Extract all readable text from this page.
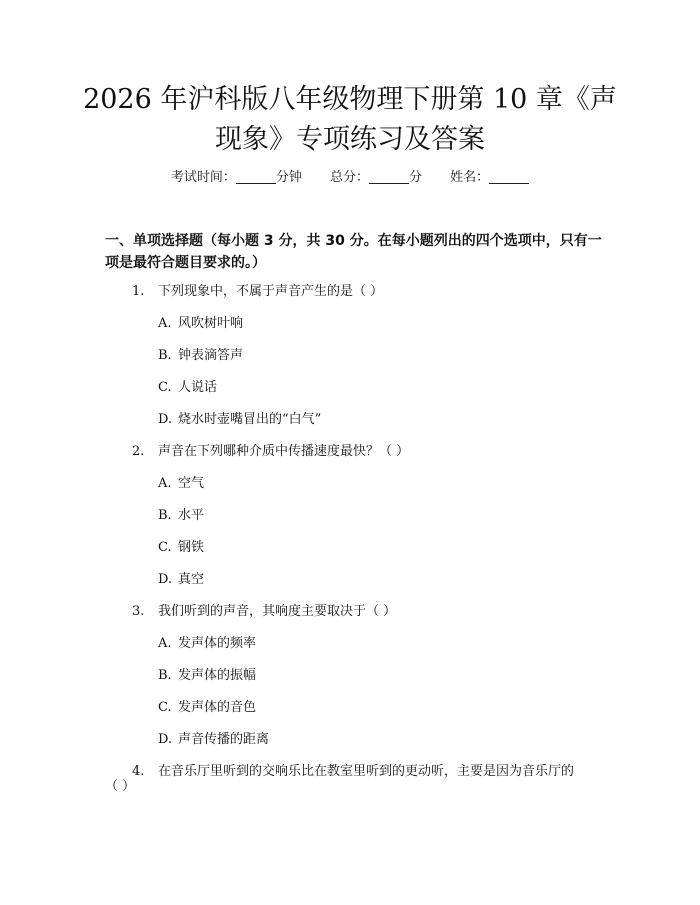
2026 年沪科版八年级物理下册第 10 章《声
现象》专项练习及答案
考试时间：	分钟 总分：	分 姓名：
一、单项选择题（每小题 3 分，共 30 分。在每小题列出的四个选项中，只有一项是最符合题目要求的。）
1. 下列现象中，不属于声音产生的是（ ）
A. 风吹树叶响
B. 钟表滴答声
C. 人说话
D. 烧水时壶嘴冒出的“白气”
2. 声音在下列哪种介质中传播速度最快？（ ）
A. 空气
B. 水平
C. 钢铁
D. 真空
3. 我们听到的声音，其响度主要取决于（ ）
A. 发声体的频率
B. 发声体的振幅
C. 发声体的音色
D. 声音传播的距离
4. 在音乐厅里听到的交响乐比在教室里听到的更动听，主要是因为音乐厅的
（ ）
